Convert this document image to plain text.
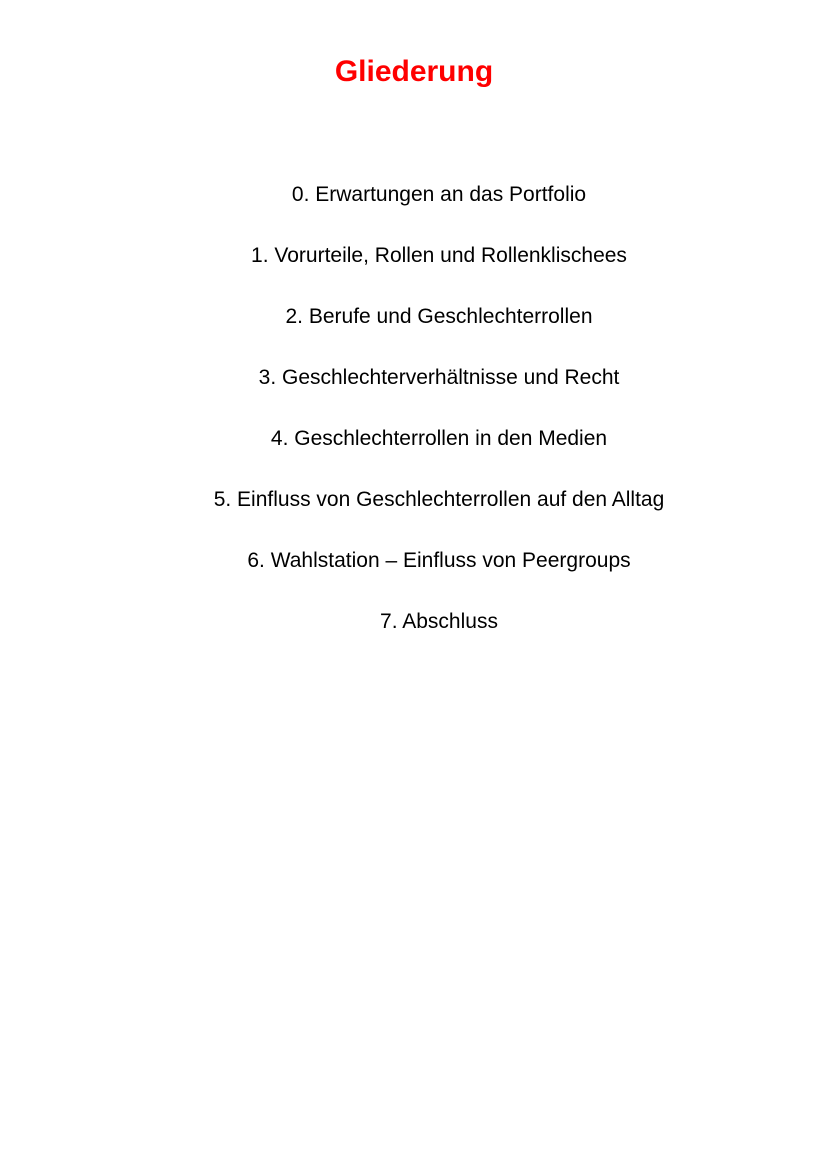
Gliederung
0. Erwartungen an das Portfolio
1. Vorurteile, Rollen und Rollenklischees
2. Berufe und Geschlechterrollen
3. Geschlechterverhältnisse und Recht
4. Geschlechterrollen in den Medien
5. Einfluss von Geschlechterrollen auf den Alltag
6. Wahlstation – Einfluss von Peergroups
7. Abschluss
